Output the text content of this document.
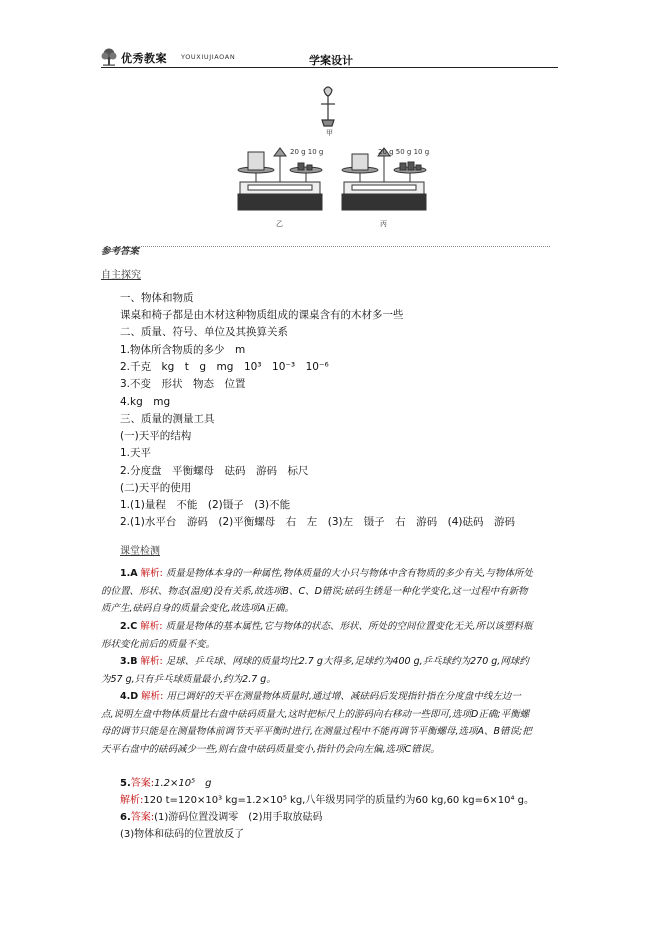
优秀教案 YOUXIUJIAOAN	学案设计
甲
20 g 10 g	20 g 50 g 10 g
乙	丙
参考答案
自主探究
一、物体和物质
课桌和椅子都是由木材这种物质组成的课桌含有的木材多一些
二、质量、符号、单位及其换算关系
1.物体所含物质的多少　m
2.千克　kg　t　g　mg　10³　10⁻³　10⁻⁶
3.不变　形状　物态　位置
4.kg　mg
三、质量的测量工具
(一)天平的结构
1.天平
2.分度盘　平衡螺母　砝码　游码　标尺
(二)天平的使用
1.(1)量程　不能　(2)镊子　(3)不能
2.(1)水平台　游码　(2)平衡螺母　右　左　(3)左　镊子　右　游码　(4)砝码　游码
课堂检测
1.A 解析: 质量是物体本身的一种属性,物体质量的大小只与物体中含有物质的多少有关,与物体所处的位置、形状、物态(温度)没有关系,故选项B、C、D错误;砝码生锈是一种化学变化,这一过程中有新物质产生,砝码自身的质量会变化,故选项A正确。
2.C 解析: 质量是物体的基本属性,它与物体的状态、形状、所处的空间位置变化无关,所以该塑料瓶形状变化前后的质量不变。
3.B 解析: 足球、乒乓球、网球的质量均比2.7 g大得多,足球约为400 g,乒乓球约为270 g,网球约为57 g,只有乒乓球质量最小,约为2.7 g。
4.D 解析: 用已调好的天平在测量物体质量时,通过增、减砝码后发现指针指在分度盘中线左边一点,说明左盘中物体质量比右盘中砝码质量大,这时把标尺上的游码向右移动一些即可,选项D正确;平衡螺母的调节只能是在测量物体前调节天平平衡时进行,在测量过程中不能再调节平衡螺母,选项A、B错误;把天平右盘中的砝码减少一些,则右盘中砝码质量变小,指针仍会向左偏,选项C错误。
5.答案:1.2×10⁵　g
解析:120 t=120×10³ kg=1.2×10⁵ kg,八年级男同学的质量约为60 kg,60 kg=6×10⁴ g。
6.答案:(1)游码位置没调零　(2)用手取放砝码
(3)物体和砝码的位置放反了
